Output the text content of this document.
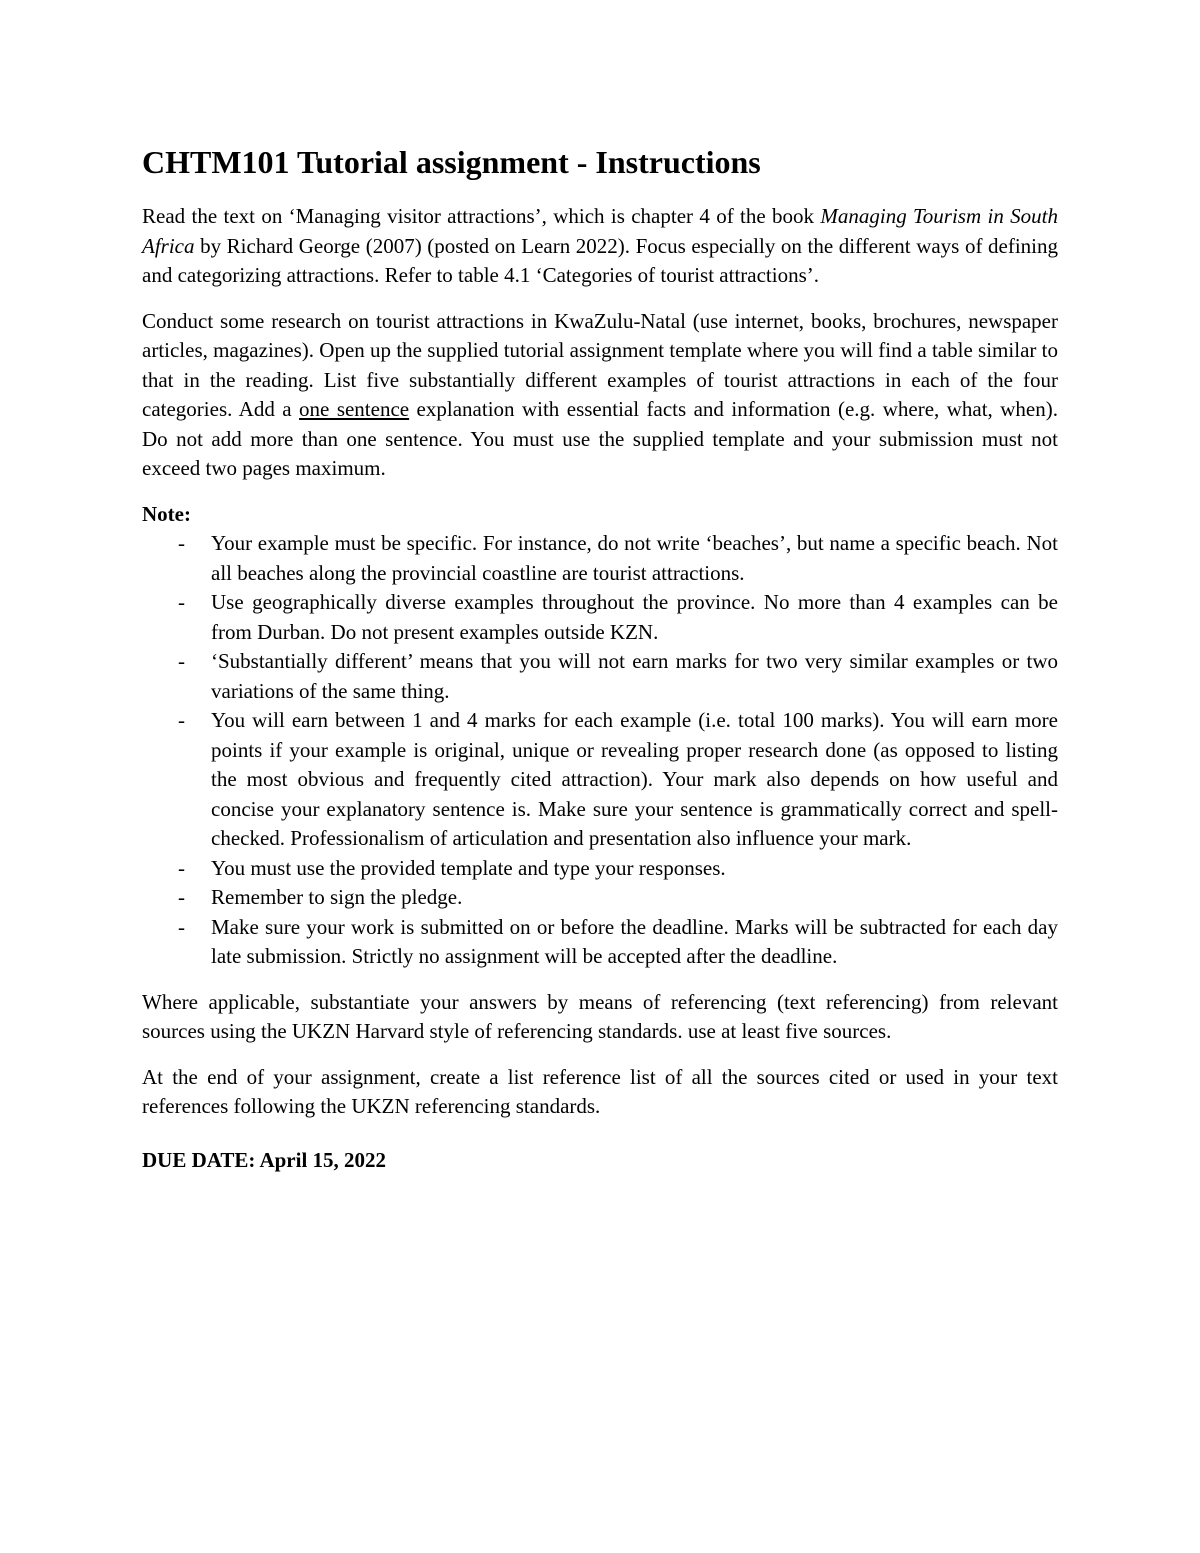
CHTM101 Tutorial assignment - Instructions

Read the text on ‘Managing visitor attractions’, which is chapter 4 of the book Managing Tourism in South Africa by Richard George (2007) (posted on Learn 2022). Focus especially on the different ways of defining and categorizing attractions. Refer to table 4.1 ‘Categories of tourist attractions’.

Conduct some research on tourist attractions in KwaZulu-Natal (use internet, books, brochures, newspaper articles, magazines). Open up the supplied tutorial assignment template where you will find a table similar to that in the reading. List five substantially different examples of tourist attractions in each of the four categories. Add a one sentence explanation with essential facts and information (e.g. where, what, when). Do not add more than one sentence. You must use the supplied template and your submission must not exceed two pages maximum.

Note:

- Your example must be specific. For instance, do not write ‘beaches’, but name a specific beach. Not all beaches along the provincial coastline are tourist attractions.
- Use geographically diverse examples throughout the province. No more than 4 examples can be from Durban. Do not present examples outside KZN.
- ‘Substantially different’ means that you will not earn marks for two very similar examples or two variations of the same thing.
- You will earn between 1 and 4 marks for each example (i.e. total 100 marks). You will earn more points if your example is original, unique or revealing proper research done (as opposed to listing the most obvious and frequently cited attraction). Your mark also depends on how useful and concise your explanatory sentence is. Make sure your sentence is grammatically correct and spell-checked. Professionalism of articulation and presentation also influence your mark.
- You must use the provided template and type your responses.
- Remember to sign the pledge.
- Make sure your work is submitted on or before the deadline. Marks will be subtracted for each day late submission. Strictly no assignment will be accepted after the deadline.

Where applicable, substantiate your answers by means of referencing (text referencing) from relevant sources using the UKZN Harvard style of referencing standards. use at least five sources.

At the end of your assignment, create a list reference list of all the sources cited or used in your text references following the UKZN referencing standards.

DUE DATE: April 15, 2022
